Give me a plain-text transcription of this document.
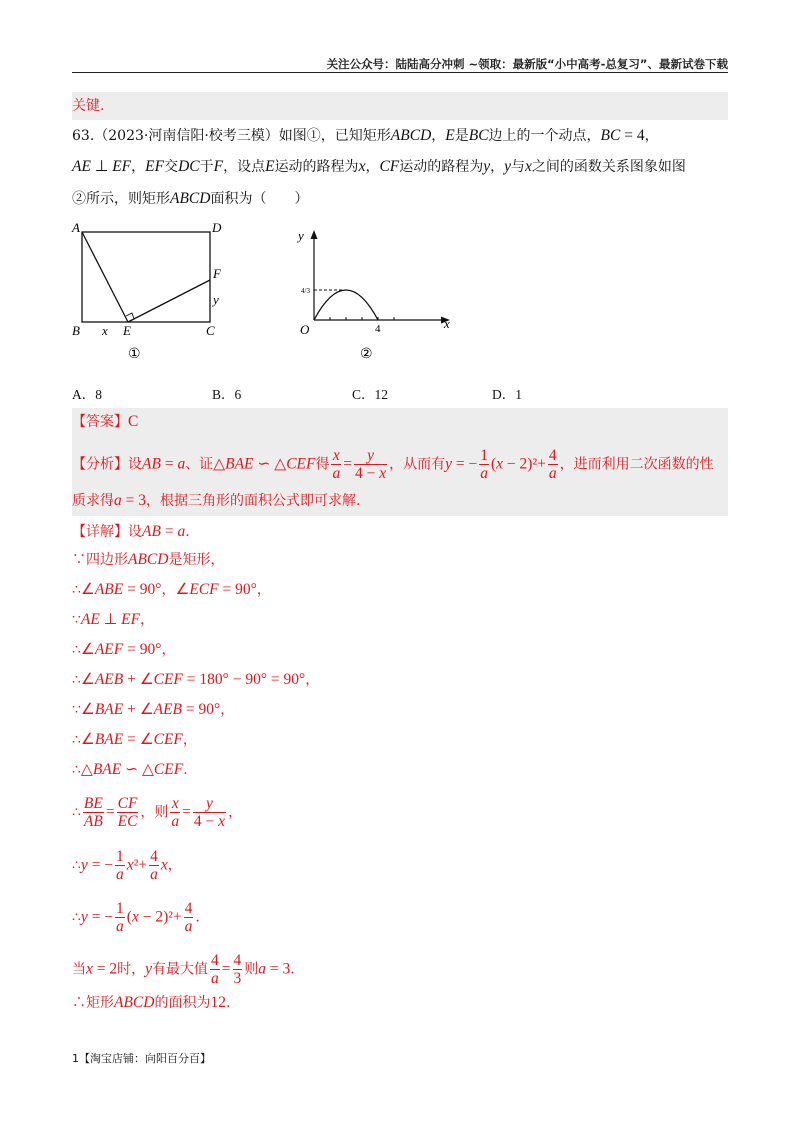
关注公众号：陆陆高分冲刺 ~领取：最新版“小中高考-总复习”、最新试卷下载
关键.
63.（2023·河南信阳·校考三模）如图①，已知矩形ABCD，E是BC边上的一个动点，BC = 4，
AE ⊥ EF，EF交DC于F，设点E运动的路程为x，CF运动的路程为y，y与x之间的函数关系图象如图
②所示，则矩形ABCD面积为（　　）
A	D
F
y
B x E	C
①
y
4/3
O	4	x
②
A．8	B．6	C．12	D．1
【答案】C
【分析】设AB = a、证△BAE ∽ △CEF得 $\frac{x}{a} = \frac{y}{4 - x}$ ，从而有y = − $\frac{1}{a} (x - 2)^2+ \frac{4}{a}$ ，进而利用二次函数的性
质求得a = 3，根据三角形的面积公式即可求解.
【详解】设AB = a.
∵四边形ABCD是矩形，
∴∠ABE = 90°，∠ECF = 90°，
∵AE ⊥ EF，
∴∠AEF = 90°，
∴∠AEB + ∠CEF = 180° − 90° = 90°，
∵∠BAE + ∠AEB = 90°，
∴∠BAE = ∠CEF，
∴△BAE ∽ △CEF.
∴ $\frac{BE}{AB} = \frac{CF}{EC}$ ，则 $\frac{x}{a} = \frac{y}{4 - x}$ ，
∴y = − $\frac{1}{a} x^2+ \frac{4}{a}$ x，
∴y = − $\frac{1}{a} (x - 2)^2+ \frac{4}{a}$ .
当x = 2时，y有最大值 $\frac{4}{a} = \frac{4}{3}$ 则a = 3.
∴矩形ABCD的面积为12.
1【淘宝店铺：向阳百分百】
